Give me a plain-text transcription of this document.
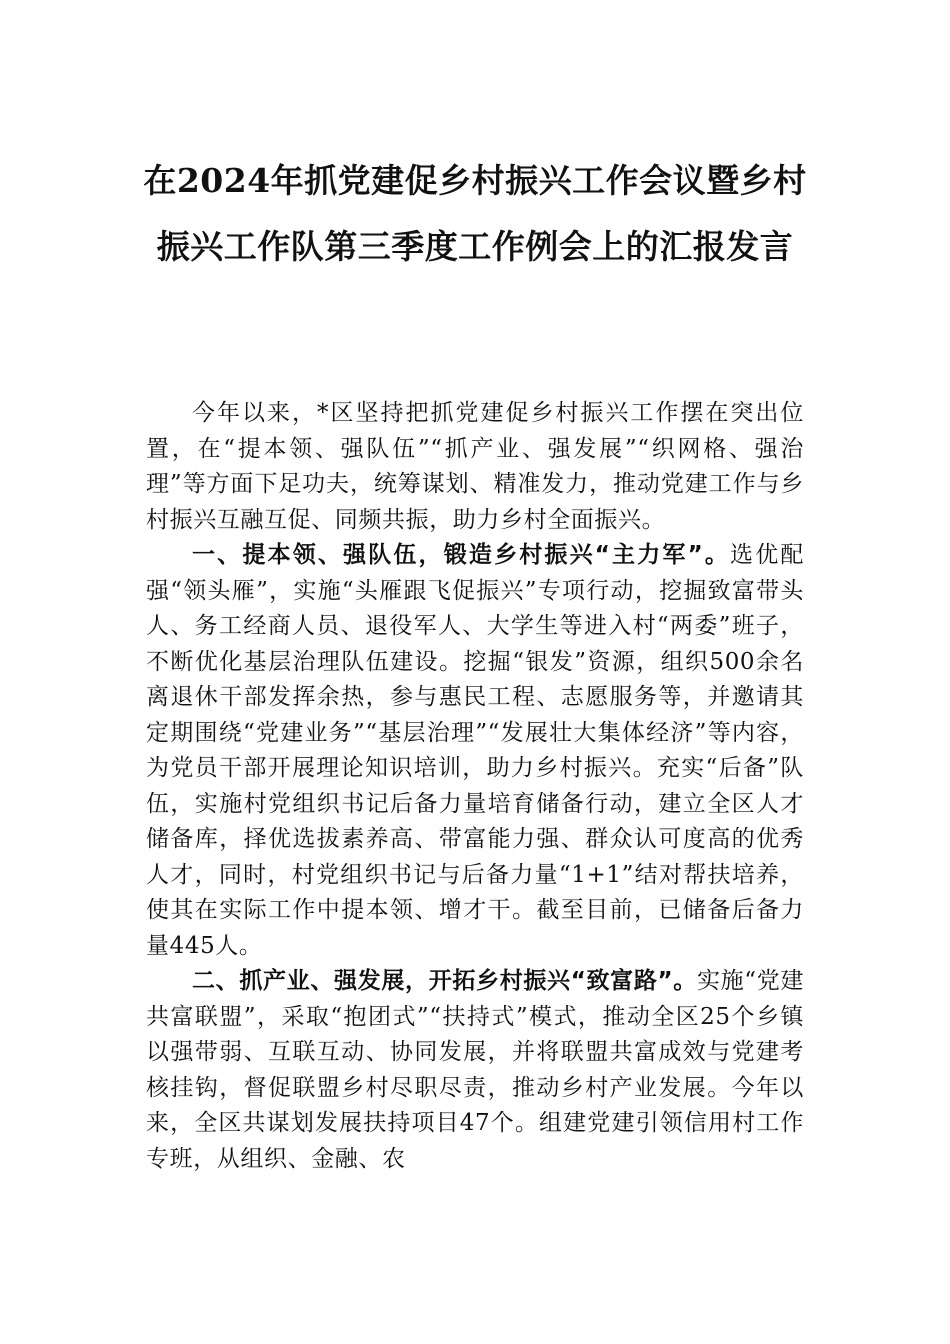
在2024年抓党建促乡村振兴工作会议暨乡村振兴工作队第三季度工作例会上的汇报发言

今年以来，*区坚持把抓党建促乡村振兴工作摆在突出位置，在“提本领、强队伍”“抓产业、强发展”“织网格、强治理”等方面下足功夫，统筹谋划、精准发力，推动党建工作与乡村振兴互融互促、同频共振，助力乡村全面振兴。

一、提本领、强队伍，锻造乡村振兴“主力军”。选优配强“领头雁”，实施“头雁跟飞促振兴”专项行动，挖掘致富带头人、务工经商人员、退役军人、大学生等进入村“两委”班子，不断优化基层治理队伍建设。挖掘“银发”资源，组织500余名离退休干部发挥余热，参与惠民工程、志愿服务等，并邀请其定期围绕“党建业务”“基层治理”“发展壮大集体经济”等内容，为党员干部开展理论知识培训，助力乡村振兴。充实“后备”队伍，实施村党组织书记后备力量培育储备行动，建立全区人才储备库，择优选拔素养高、带富能力强、群众认可度高的优秀人才，同时，村党组织书记与后备力量“1+1”结对帮扶培养，使其在实际工作中提本领、增才干。截至目前，已储备后备力量445人。

二、抓产业、强发展，开拓乡村振兴“致富路”。实施“党建共富联盟”，采取“抱团式”“扶持式”模式，推动全区25个乡镇以强带弱、互联互动、协同发展，并将联盟共富成效与党建考核挂钩，督促联盟乡村尽职尽责，推动乡村产业发展。今年以来，全区共谋划发展扶持项目47个。组建党建引领信用村工作专班，从组织、金融、农
